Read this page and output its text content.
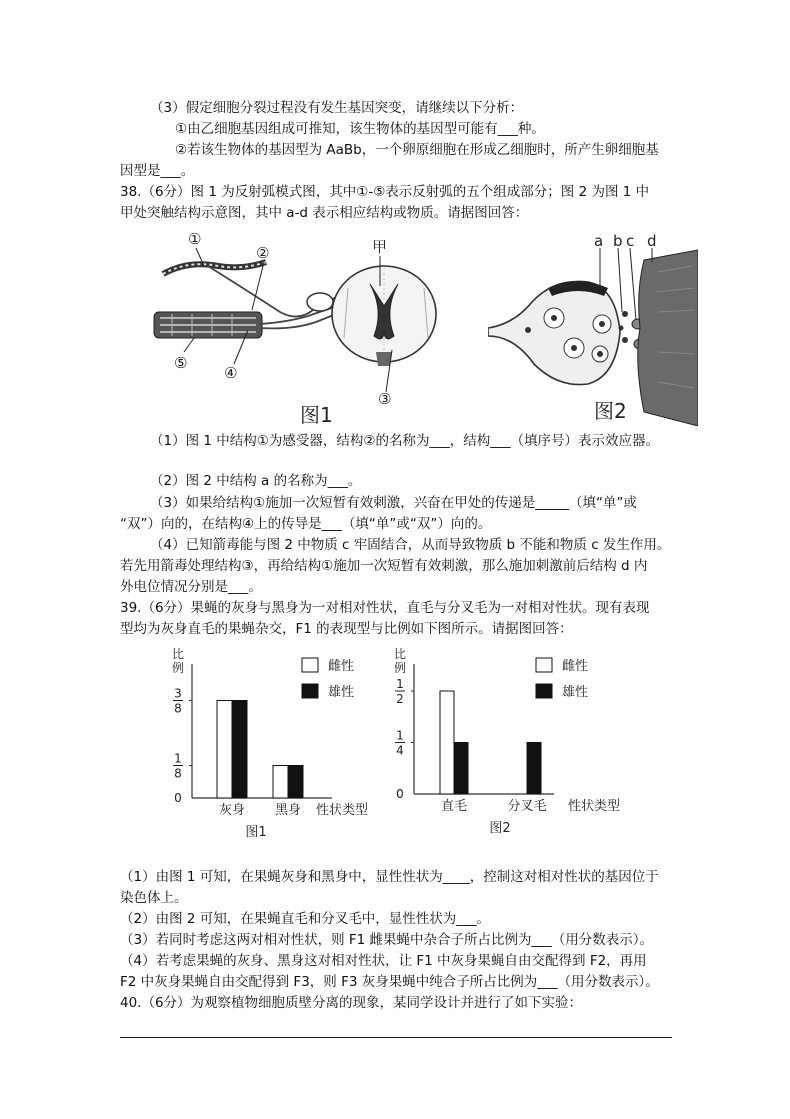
（3）假定细胞分裂过程没有发生基因突变，请继续以下分析：
①由乙细胞基因组成可推知，该生物体的基因型可能有___种。
②若该生物体的基因型为 AaBb，一个卵原细胞在形成乙细胞时，所产生卵细胞基
因型是___。
38.（6分）图 1 为反射弧模式图，其中①-⑤表示反射弧的五个组成部分；图 2 为图 1 中
甲处突触结构示意图，其中 a-d 表示相应结构或物质。请据图回答：
①
②	甲
③
④
⑤
图1
a b c d
图2
（1）图 1 中结构①为感受器，结构②的名称为___，结构___（填序号）表示效应器。
（2）图 2 中结构 a 的名称为___。
（3）如果给结构①施加一次短暂有效刺激，兴奋在甲处的传递是_____（填“单”或
“双”）向的，在结构④上的传导是___（填“单”或“双”）向的。
（4）已知箭毒能与图 2 中物质 c 牢固结合，从而导致物质 b 不能和物质 c 发生作用。
若先用箭毒处理结构③，再给结构①施加一次短暂有效刺激，那么施加刺激前后结构 d 内
外电位情况分别是___。
39.（6分）果蝇的灰身与黑身为一对相对性状，直毛与分叉毛为一对相对性状。现有表现
型均为灰身直毛的果蝇杂交，F1 的表现型与比例如下图所示。请据图回答：
比
例
0
1
8
3
8
灰身 黑身 性状类型
雌性
雄性
图1
比
例
0
1
4
1
2
直毛	分叉毛 性状类型
雌性
雄性
图2
（1）由图 1 可知，在果蝇灰身和黑身中，显性性状为____，控制这对相对性状的基因位于
染色体上。
（2）由图 2 可知，在果蝇直毛和分叉毛中，显性性状为___。
（3）若同时考虑这两对相对性状，则 F1 雌果蝇中杂合子所占比例为___（用分数表示）。
（4）若考虑果蝇的灰身、黑身这对相对性状，让 F1 中灰身果蝇自由交配得到 F2，再用
F2 中灰身果蝇自由交配得到 F3，则 F3 灰身果蝇中纯合子所占比例为___（用分数表示）。
40.（6分）为观察植物细胞质壁分离的现象，某同学设计并进行了如下实验：
